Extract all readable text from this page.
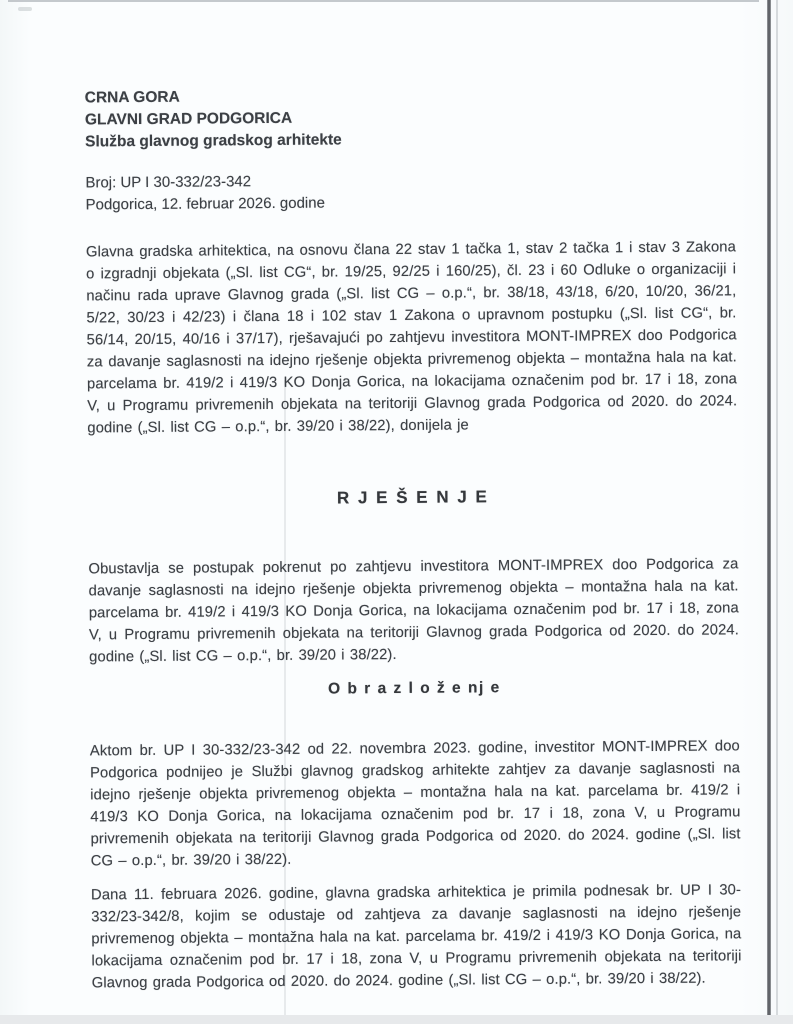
CRNA GORA
GLAVNI GRAD PODGORICA
Služba glavnog gradskog arhitekte
Broj: UP I 30-332/23-342
Podgorica, 12. februar 2026. godine

Glavna gradska arhitektica, na osnovu člana 22 stav 1 tačka 1, stav 2 tačka 1 i stav 3 Zakona o izgradnji objekata („Sl. list CG“, br. 19/25, 92/25 i 160/25), čl. 23 i 60 Odluke o organizaciji i načinu rada uprave Glavnog grada („Sl. list CG – o.p.“, br. 38/18, 43/18, 6/20, 10/20, 36/21, 5/22, 30/23 i 42/23) i člana 18 i 102 stav 1 Zakona o upravnom postupku („Sl. list CG“, br. 56/14, 20/15, 40/16 i 37/17), rješavajući po zahtjevu investitora MONT-IMPREX doo Podgorica za davanje saglasnosti na idejno rješenje objekta privremenog objekta – montažna hala na kat. parcelama br. 419/2 i 419/3 KO Donja Gorica, na lokacijama označenim pod br. 17 i 18, zona V, u Programu privremenih objekata na teritoriji Glavnog grada Podgorica od 2020. do 2024. godine („Sl. list CG – o.p.“, br. 39/20 i 38/22), donijela je

R J E Š E N J E

Obustavlja se postupak pokrenut po zahtjevu investitora MONT-IMPREX doo Podgorica za davanje saglasnosti na idejno rješenje objekta privremenog objekta – montažna hala na kat. parcelama br. 419/2 i 419/3 KO Donja Gorica, na lokacijama označenim pod br. 17 i 18, zona V, u Programu privremenih objekata na teritoriji Glavnog grada Podgorica od 2020. do 2024. godine („Sl. list CG – o.p.“, br. 39/20 i 38/22).

O b r a z l o ž e nj e

Aktom br. UP I 30-332/23-342 od 22. novembra 2023. godine, investitor MONT-IMPREX doo Podgorica podnijeo je Službi glavnog gradskog arhitekte zahtjev za davanje saglasnosti na idejno rješenje objekta privremenog objekta – montažna hala na kat. parcelama br. 419/2 i 419/3 KO Donja Gorica, na lokacijama označenim pod br. 17 i 18, zona V, u Programu privremenih objekata na teritoriji Glavnog grada Podgorica od 2020. do 2024. godine („Sl. list CG – o.p.“, br. 39/20 i 38/22).

Dana 11. februara 2026. godine, glavna gradska arhitektica je primila podnesak br. UP I 30-332/23-342/8, kojim se odustaje od zahtjeva za davanje saglasnosti na idejno rješenje privremenog objekta – montažna hala na kat. parcelama br. 419/2 i 419/3 KO Donja Gorica, na lokacijama označenim pod br. 17 i 18, zona V, u Programu privremenih objekata na teritoriji Glavnog grada Podgorica od 2020. do 2024. godine („Sl. list CG – o.p.“, br. 39/20 i 38/22).
